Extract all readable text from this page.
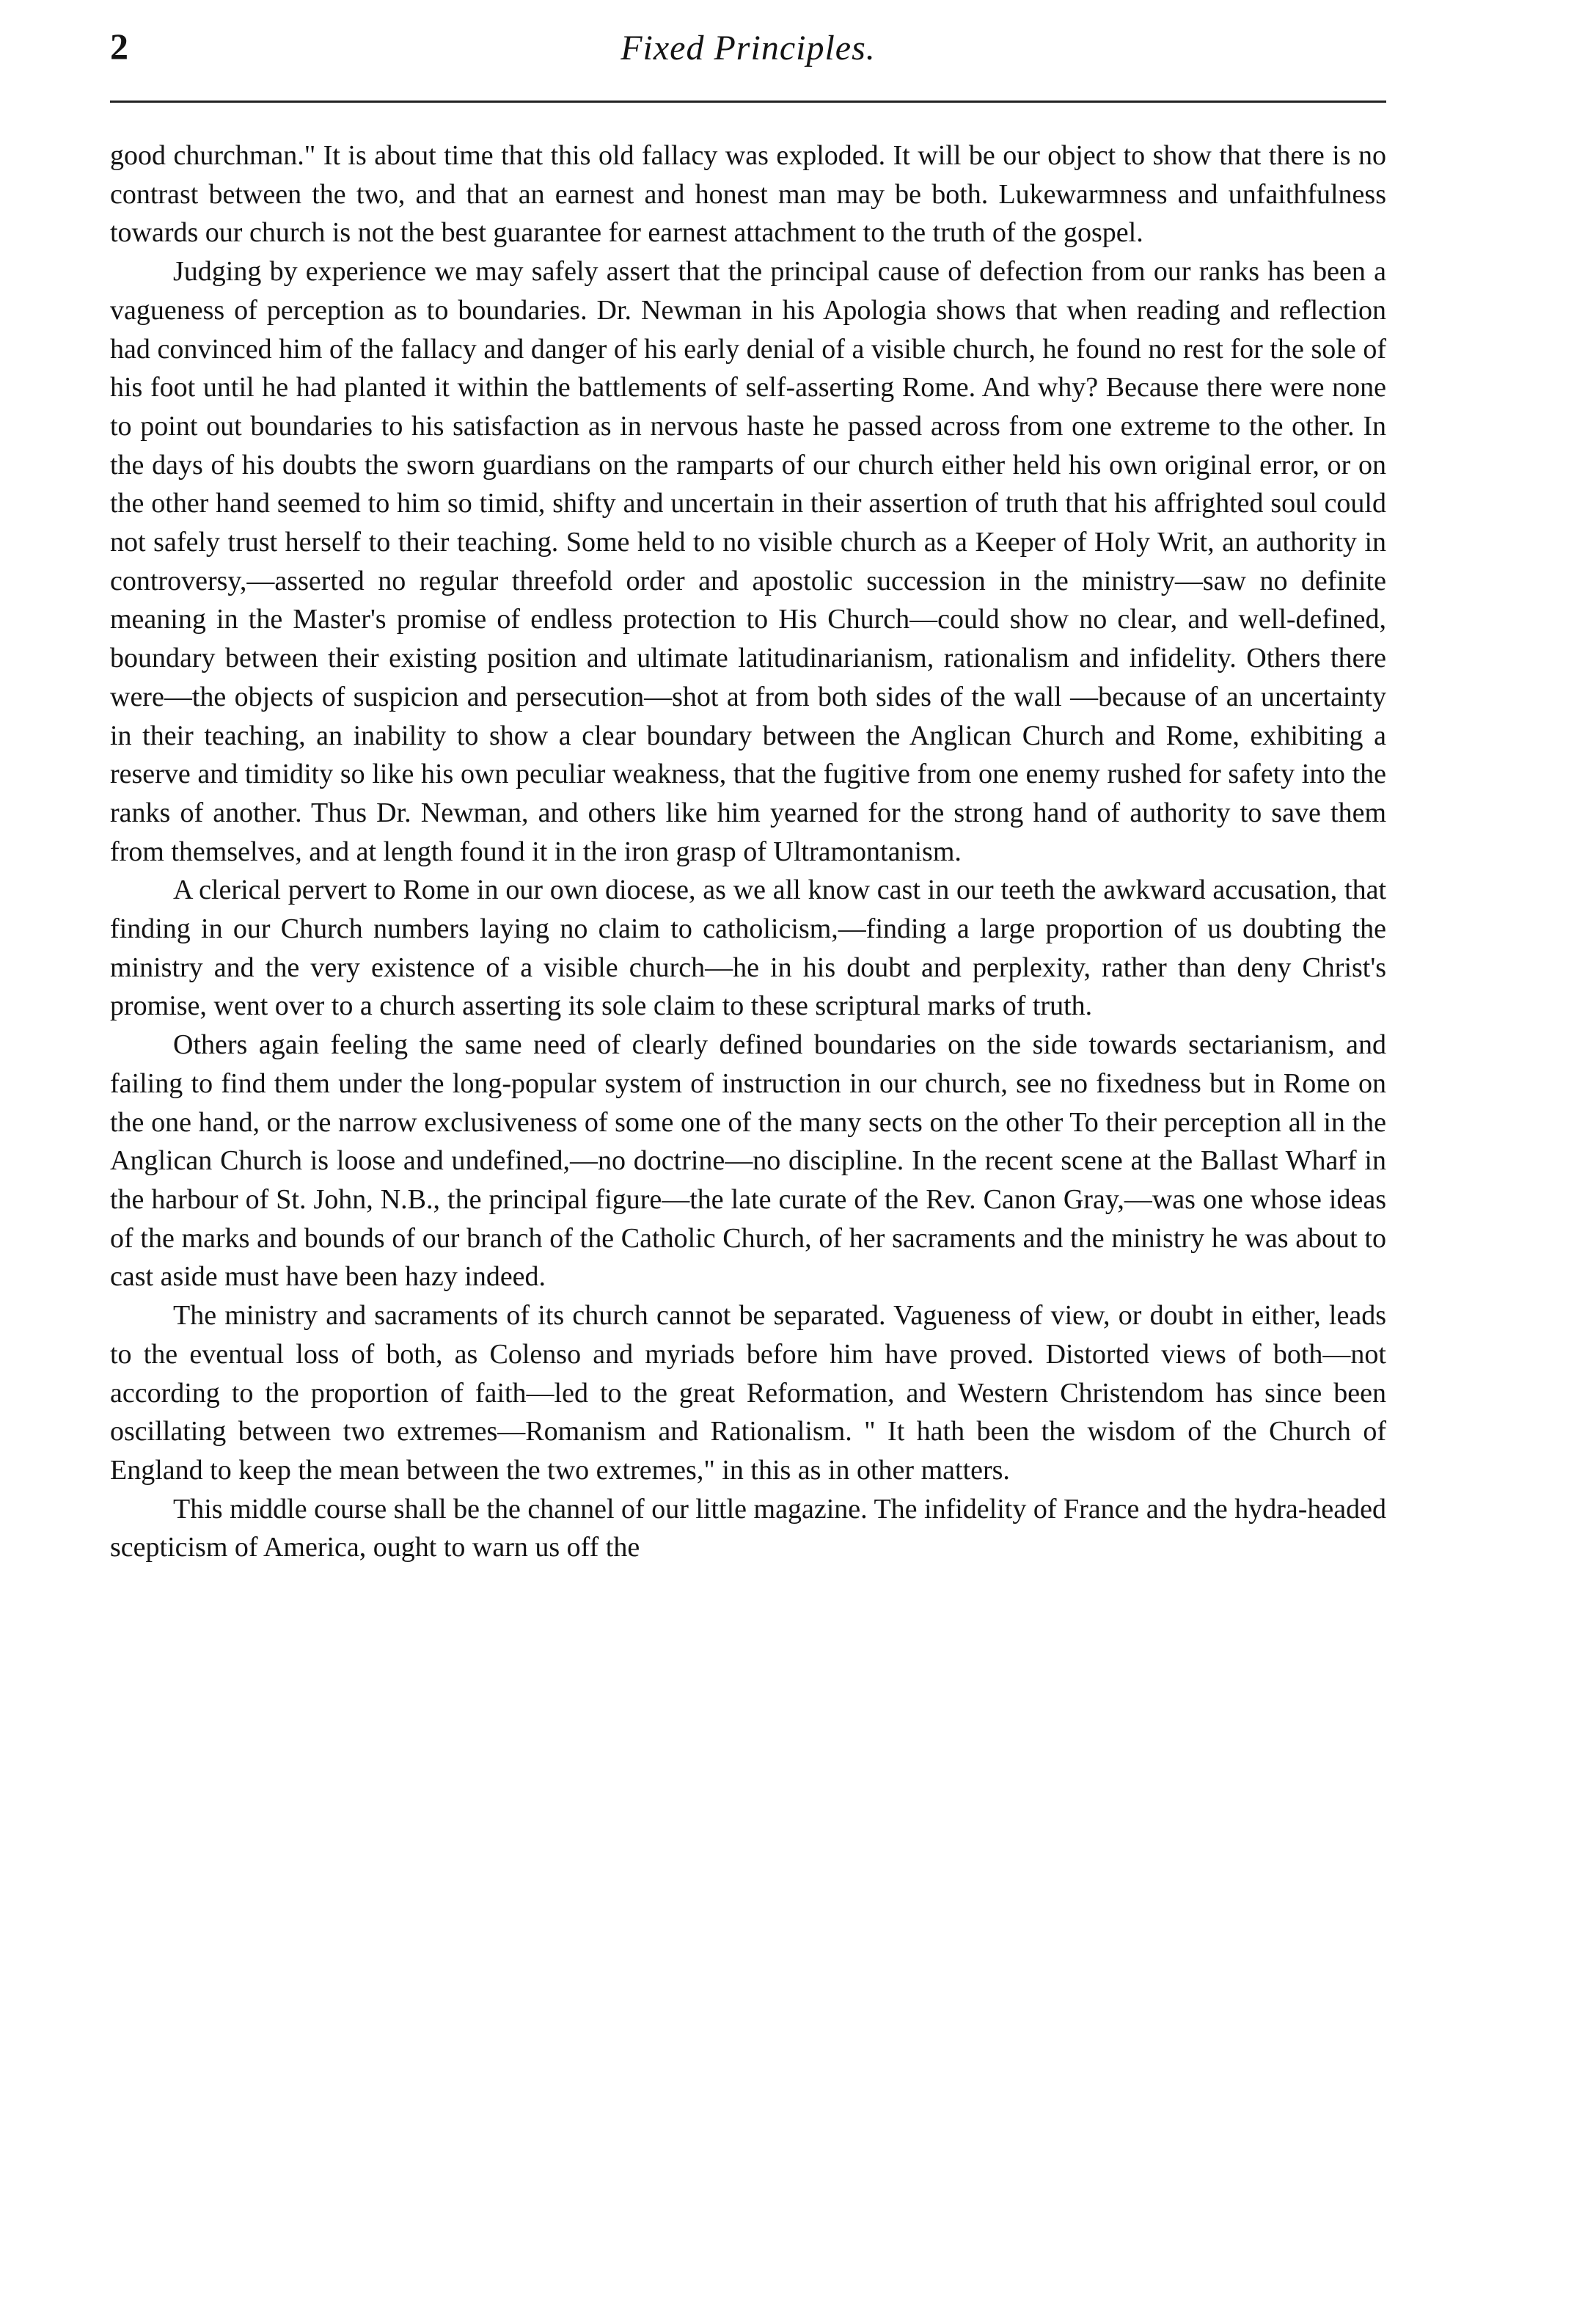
2	Fixed Principles.

good churchman." It is about time that this old fallacy was exploded. It will be our object to show that there is no contrast between the two, and that an earnest and honest man may be both. Lukewarmness and unfaithfulness towards our church is not the best guarantee for earnest attachment to the truth of the gospel.

Judging by experience we may safely assert that the principal cause of defection from our ranks has been a vagueness of perception as to boundaries. Dr. Newman in his Apologia shows that when reading and reflection had convinced him of the fallacy and danger of his early denial of a visible church, he found no rest for the sole of his foot until he had planted it within the battlements of self-asserting Rome. And why? Because there were none to point out boundaries to his satisfaction as in nervous haste he passed across from one extreme to the other. In the days of his doubts the sworn guardians on the ramparts of our church either held his own original error, or on the other hand seemed to him so timid, shifty and uncertain in their assertion of truth that his affrighted soul could not safely trust herself to their teaching. Some held to no visible church as a Keeper of Holy Writ, an authority in controversy,—asserted no regular threefold order and apostolic succession in the ministry—saw no definite meaning in the Master's promise of endless protection to His Church—could show no clear, and well-defined, boundary between their existing position and ultimate latitudinarianism, rationalism and infidelity. Others there were—the objects of suspicion and persecution—shot at from both sides of the wall —because of an uncertainty in their teaching, an inability to show a clear boundary between the Anglican Church and Rome, exhibiting a reserve and timidity so like his own peculiar weakness, that the fugitive from one enemy rushed for safety into the ranks of another. Thus Dr. Newman, and others like him yearned for the strong hand of authority to save them from themselves, and at length found it in the iron grasp of Ultramontanism.

A clerical pervert to Rome in our own diocese, as we all know cast in our teeth the awkward accusation, that finding in our Church numbers laying no claim to catholicism,—finding a large proportion of us doubting the ministry and the very existence of a visible church—he in his doubt and perplexity, rather than deny Christ's promise, went over to a church asserting its sole claim to these scriptural marks of truth.

Others again feeling the same need of clearly defined boundaries on the side towards sectarianism, and failing to find them under the long-popular system of instruction in our church, see no fixedness but in Rome on the one hand, or the narrow exclusiveness of some one of the many sects on the other To their perception all in the Anglican Church is loose and undefined,—no doctrine—no discipline. In the recent scene at the Ballast Wharf in the harbour of St. John, N.B., the principal figure—the late curate of the Rev. Canon Gray,—was one whose ideas of the marks and bounds of our branch of the Catholic Church, of her sacraments and the ministry he was about to cast aside must have been hazy indeed.

The ministry and sacraments of its church cannot be separated. Vagueness of view, or doubt in either, leads to the eventual loss of both, as Colenso and myriads before him have proved. Distorted views of both—not according to the proportion of faith—led to the great Reformation, and Western Christendom has since been oscillating between two extremes—Romanism and Rationalism. " It hath been the wisdom of the Church of England to keep the mean between the two extremes," in this as in other matters.

This middle course shall be the channel of our little magazine. The infidelity of France and the hydra-headed scepticism of America, ought to warn us off the
